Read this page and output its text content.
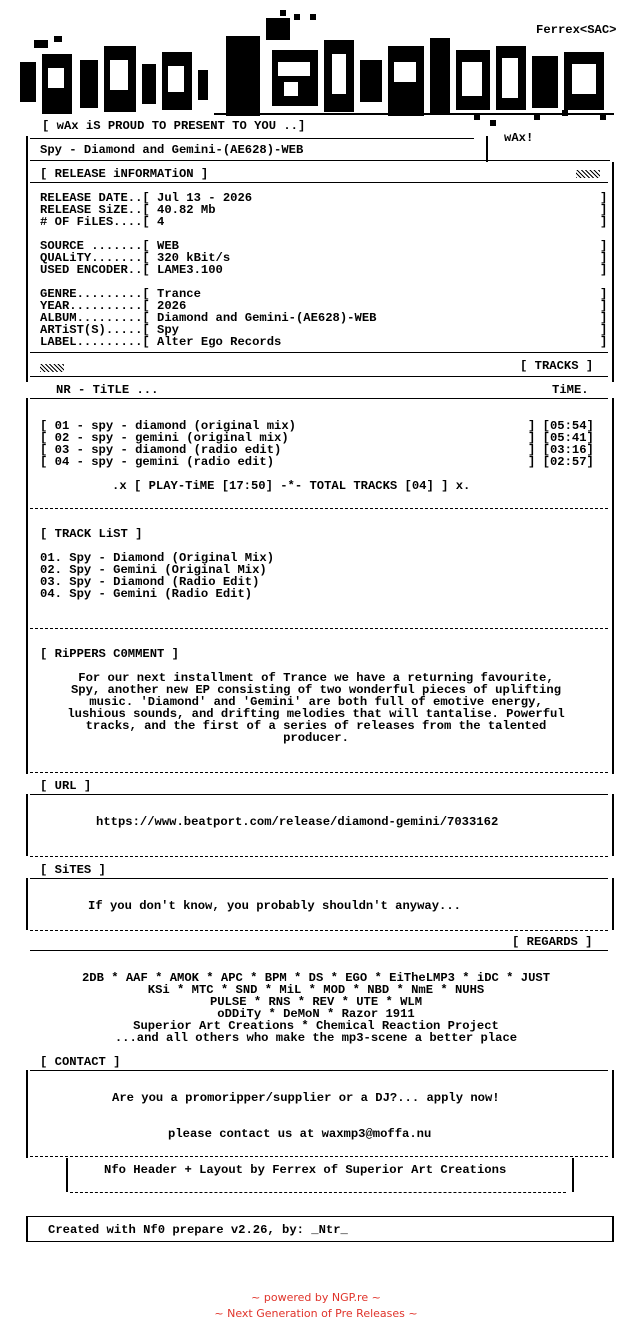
Ferrex<SAC>
[ wAx iS PROUD TO PRESENT TO YOU ..]
wAx!
Spy - Diamond and Gemini-(AE628)-WEB
[ RELEASE iNFORMATiON ]
RELEASE DATE..[ Jul 13 - 2026
RELEASE SiZE..[ 40.82 Mb
# OF FiLES....[ 4
SOURCE .......[ WEB
QUALiTY.......[ 320 kBit/s
USED ENCODER..[ LAME3.100
GENRE.........[ Trance
YEAR..........[ 2026
ALBUM.........[ Diamond and Gemini-(AE628)-WEB
ARTiST(S).....[ Spy
LABEL.........[ Alter Ego Records
]
]
]
]
]
]
]
]
]
]
]
[ TRACKS ]
NR - TiTLE ...	TiME.
[ 01 - spy - diamond (original mix)	] [05:54]
[ 02 - spy - gemini (original mix)	] [05:41]
[ 03 - spy - diamond (radio edit)	] [03:16]
[ 04 - spy - gemini (radio edit)	] [02:57]
.x [ PLAY-TiME [17:50] -*- TOTAL TRACKS [04] ] x.
[ TRACK LiST ]
01. Spy - Diamond (Original Mix)
02. Spy - Gemini (Original Mix)
03. Spy - Diamond (Radio Edit)
04. Spy - Gemini (Radio Edit)
[ RiPPERS C0MMENT ]
For our next installment of Trance we have a returning favourite,
Spy, another new EP consisting of two wonderful pieces of uplifting
music. 'Diamond' and 'Gemini' are both full of emotive energy,
lushious sounds, and drifting melodies that will tantalise. Powerful
tracks, and the first of a series of releases from the talented
producer.
[ URL ]
https://www.beatport.com/release/diamond-gemini/7033162
[ SiTES ]
If you don't know, you probably shouldn't anyway...
[ REGARDS ]
2DB * AAF * AMOK * APC * BPM * DS * EGO * EiTheLMP3 * iDC * JUST
KSi * MTC * SND * MiL * MOD * NBD * NmE * NUHS
PULSE * RNS * REV * UTE * WLM
oDDiTy * DeMoN * Razor 1911
Superior Art Creations * Chemical Reaction Project
...and all others who make the mp3-scene a better place
[ CONTACT ]
Are you a promoripper/supplier or a DJ?... apply now!
please contact us at waxmp3@moffa.nu
Nfo Header + Layout by Ferrex of Superior Art Creations
Created with Nf0 prepare v2.26, by: _Ntr_
~ powered by NGP.re ~
~ Next Generation of Pre Releases ~
